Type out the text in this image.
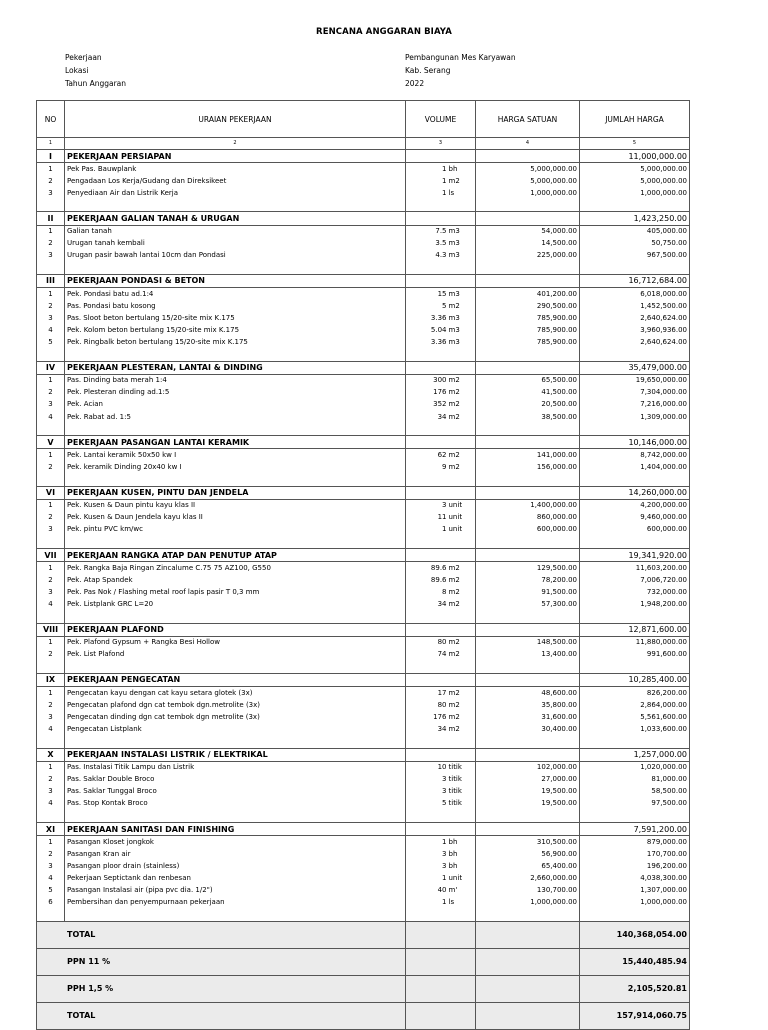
RENCANA ANGGARAN BIAYA
Pekerjaan	Pembangunan Mes Karyawan
Lokasi	Kab. Serang
Tahun Anggaran	2022
NO	URAIAN PEKERJAAN	VOLUME		HARGA SATUAN	JUMLAH HARGA
1	2	3		4	5
I	PEKERJAAN PERSIAPAN				11,000,000.00
1	Pek Pas. Bauwplank	1	bh	5,000,000.00	5,000,000.00
2	Pengadaan Los Kerja/Gudang dan Direksikeet	1	m2	5,000,000.00	5,000,000.00
3	Penyediaan Air dan Listrik Kerja	1	ls	1,000,000.00	1,000,000.00

II	PEKERJAAN GALIAN TANAH & URUGAN				1,423,250.00
1	Galian tanah	7.5	m3	54,000.00	405,000.00
2	Urugan tanah kembali	3.5	m3	14,500.00	50,750.00
3	Urugan pasir bawah lantai 10cm dan Pondasi	4.3	m3	225,000.00	967,500.00

III	PEKERJAAN PONDASI & BETON				16,712,684.00
1	Pek. Pondasi batu ad.1:4	15	m3	401,200.00	6,018,000.00
2	Pas. Pondasi batu kosong	5	m2	290,500.00	1,452,500.00
3	Pas. Sloot beton bertulang 15/20-site mix K.175	3.36	m3	785,900.00	2,640,624.00
4	Pek. Kolom beton bertulang 15/20-site mix K.175	5.04	m3	785,900.00	3,960,936.00
5	Pek. Ringbalk beton bertulang 15/20-site mix K.175	3.36	m3	785,900.00	2,640,624.00

IV	PEKERJAAN PLESTERAN, LANTAI & DINDING				35,479,000.00
1	Pas. Dinding bata merah 1:4	300	m2	65,500.00	19,650,000.00
2	Pek. Plesteran dinding ad.1:5	176	m2	41,500.00	7,304,000.00
3	Pek. Acian	352	m2	20,500.00	7,216,000.00
4	Pek. Rabat ad. 1:5	34	m2	38,500.00	1,309,000.00

V	PEKERJAAN PASANGAN LANTAI KERAMIK				10,146,000.00
1	Pek. Lantai keramik 50x50 kw I	62	m2	141,000.00	8,742,000.00
2	Pek. keramik Dinding 20x40 kw I	9	m2	156,000.00	1,404,000.00

VI	PEKERJAAN KUSEN, PINTU DAN JENDELA				14,260,000.00
1	Pek. Kusen & Daun pintu kayu klas II	3	unit	1,400,000.00	4,200,000.00
2	Pek. Kusen & Daun Jendela kayu klas II	11	unit	860,000.00	9,460,000.00
3	Pek. pintu PVC km/wc	1	unit	600,000.00	600,000.00

VII	PEKERJAAN RANGKA ATAP DAN PENUTUP ATAP				19,341,920.00
1	Pek. Rangka Baja Ringan Zincalume C.75 75 AZ100, G550	89.6	m2	129,500.00	11,603,200.00
2	Pek. Atap Spandek	89.6	m2	78,200.00	7,006,720.00
3	Pek. Pas Nok / Flashing metal roof lapis pasir T 0,3 mm	8	m2	91,500.00	732,000.00
4	Pek. Listplank GRC L=20	34	m2	57,300.00	1,948,200.00

VIII	PEKERJAAN PLAFOND				12,871,600.00
1	Pek. Plafond Gypsum + Rangka Besi Hollow	80	m2	148,500.00	11,880,000.00
2	Pek. List Plafond	74	m2	13,400.00	991,600.00

IX	PEKERJAAN PENGECATAN				10,285,400.00
1	Pengecatan kayu dengan cat kayu setara glotek (3x)	17	m2	48,600.00	826,200.00
2	Pengecatan plafond dgn cat tembok dgn.metrolite (3x)	80	m2	35,800.00	2,864,000.00
3	Pengecatan dinding dgn cat tembok dgn metrolite (3x)	176	m2	31,600.00	5,561,600.00
4	Pengecatan Listplank	34	m2	30,400.00	1,033,600.00

X	PEKERJAAN INSTALASI LISTRIK / ELEKTRIKAL				1,257,000.00
1	Pas. Instalasi Titik Lampu dan Listrik	10	titik	102,000.00	1,020,000.00
2	Pas. Saklar Double Broco	3	titik	27,000.00	81,000.00
3	Pas. Saklar Tunggal Broco	3	titik	19,500.00	58,500.00
4	Pas. Stop Kontak Broco	5	titik	19,500.00	97,500.00

XI	PEKERJAAN SANITASI DAN FINISHING				7,591,200.00
1	Pasangan Kloset jongkok	1	bh	310,500.00	879,000.00
2	Pasangan Kran air	3	bh	56,900.00	170,700.00
3	Pasangan ploor drain (stainless)	3	bh	65,400.00	196,200.00
4	Pekerjaan Septictank dan renbesan	1	unit	2,660,000.00	4,038,300.00
5	Pasangan Instalasi air (pipa pvc dia. 1/2")	40	m'	130,700.00	1,307,000.00
6	Pembersihan dan penyempurnaan pekerjaan	1	ls	1,000,000.00	1,000,000.00

TOTAL					140,368,054.00
PPN 11 %					15,440,485.94
PPH 1,5 %					2,105,520.81
TOTAL					157,914,060.75
